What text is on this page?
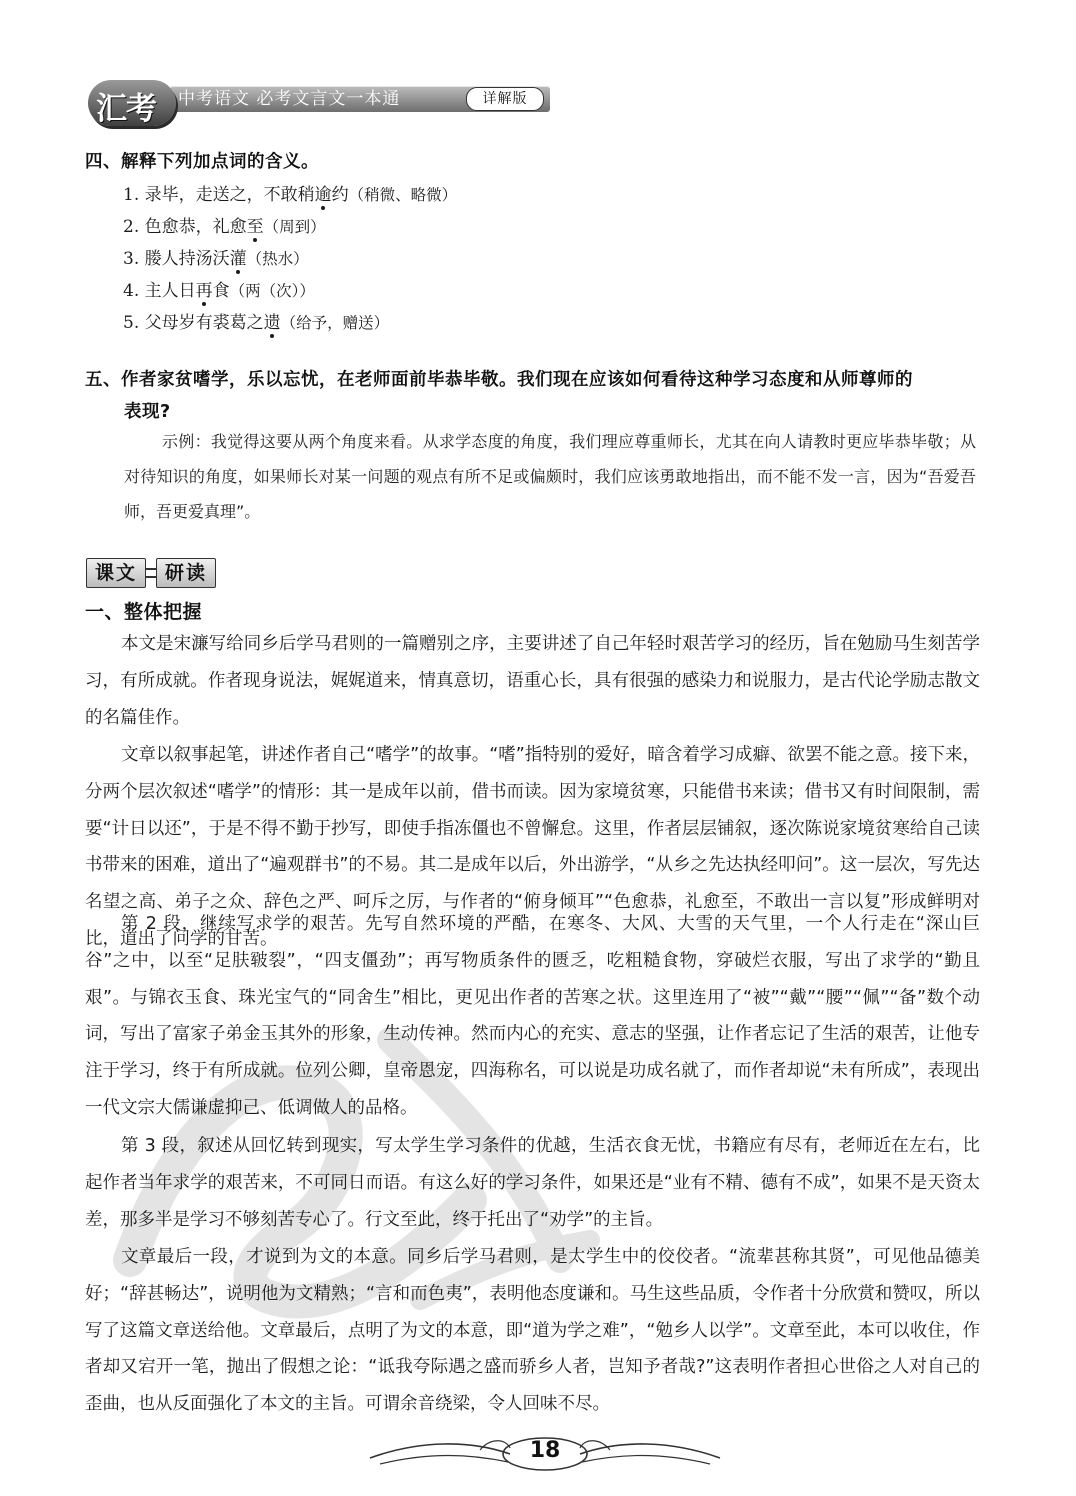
中考语文 必考文言文一本通	详解版
汇考
四、解释下列加点词的含义。
1. 录毕，走送之，不敢稍逾约（稍微、略微）
2. 色愈恭，礼愈至（周到）
3. 媵人持汤沃灌（热水）
4. 主人日再食（两（次））
5. 父母岁有裘葛之遗（给予，赠送）
五、作者家贫嗜学，乐以忘忧，在老师面前毕恭毕敬。我们现在应该如何看待这种学习态度和从师尊师的
表现?
示例：我觉得这要从两个角度来看。从求学态度的角度，我们理应尊重师长，尤其在向人请教时更应毕恭毕敬；从对待知识的角度，如果师长对某一问题的观点有所不足或偏颇时，我们应该勇敢地指出，而不能不发一言，因为“吾爱吾师，吾更爱真理”。
课文	研读
一、整体把握
本文是宋濂写给同乡后学马君则的一篇赠别之序，主要讲述了自己年轻时艰苦学习的经历，旨在勉励马生刻苦学习，有所成就。作者现身说法，娓娓道来，情真意切，语重心长，具有很强的感染力和说服力，是古代论学励志散文的名篇佳作。
文章以叙事起笔，讲述作者自己“嗜学”的故事。“嗜”指特别的爱好，暗含着学习成癖、欲罢不能之意。接下来，分两个层次叙述“嗜学”的情形：其一是成年以前，借书而读。因为家境贫寒，只能借书来读；借书又有时间限制，需要“计日以还”，于是不得不勤于抄写，即使手指冻僵也不曾懈怠。这里，作者层层铺叙，逐次陈说家境贫寒给自己读书带来的困难，道出了“遍观群书”的不易。其二是成年以后，外出游学，“从乡之先达执经叩问”。这一层次，写先达名望之高、弟子之众、辞色之严、呵斥之厉，与作者的“俯身倾耳”“色愈恭，礼愈至，不敢出一言以复”形成鲜明对比，道出了问学的甘苦。
第 2 段，继续写求学的艰苦。先写自然环境的严酷，在寒冬、大风、大雪的天气里，一个人行走在“深山巨谷”之中，以至“足肤皲裂”，“四支僵劲”；再写物质条件的匮乏，吃粗糙食物，穿破烂衣服，写出了求学的“勤且艰”。与锦衣玉食、珠光宝气的“同舍生”相比，更见出作者的苦寒之状。这里连用了“被”“戴”“腰”“佩”“备”数个动词，写出了富家子弟金玉其外的形象，生动传神。然而内心的充实、意志的坚强，让作者忘记了生活的艰苦，让他专注于学习，终于有所成就。位列公卿，皇帝恩宠，四海称名，可以说是功成名就了，而作者却说“未有所成”，表现出一代文宗大儒谦虚抑己、低调做人的品格。
第 3 段，叙述从回忆转到现实，写太学生学习条件的优越，生活衣食无忧，书籍应有尽有，老师近在左右，比起作者当年求学的艰苦来，不可同日而语。有这么好的学习条件，如果还是“业有不精、德有不成”，如果不是天资太差，那多半是学习不够刻苦专心了。行文至此，终于托出了“劝学”的主旨。
文章最后一段，才说到为文的本意。同乡后学马君则，是太学生中的佼佼者。“流辈甚称其贤”，可见他品德美好；“辞甚畅达”，说明他为文精熟；“言和而色夷”，表明他态度谦和。马生这些品质，令作者十分欣赏和赞叹，所以写了这篇文章送给他。文章最后，点明了为文的本意，即“道为学之难”，“勉乡人以学”。文章至此，本可以收住，作者却又宕开一笔，抛出了假想之论：“诋我夸际遇之盛而骄乡人者，岂知予者哉?”这表明作者担心世俗之人对自己的歪曲，也从反面强化了本文的主旨。可谓余音绕梁，令人回味不尽。
18
